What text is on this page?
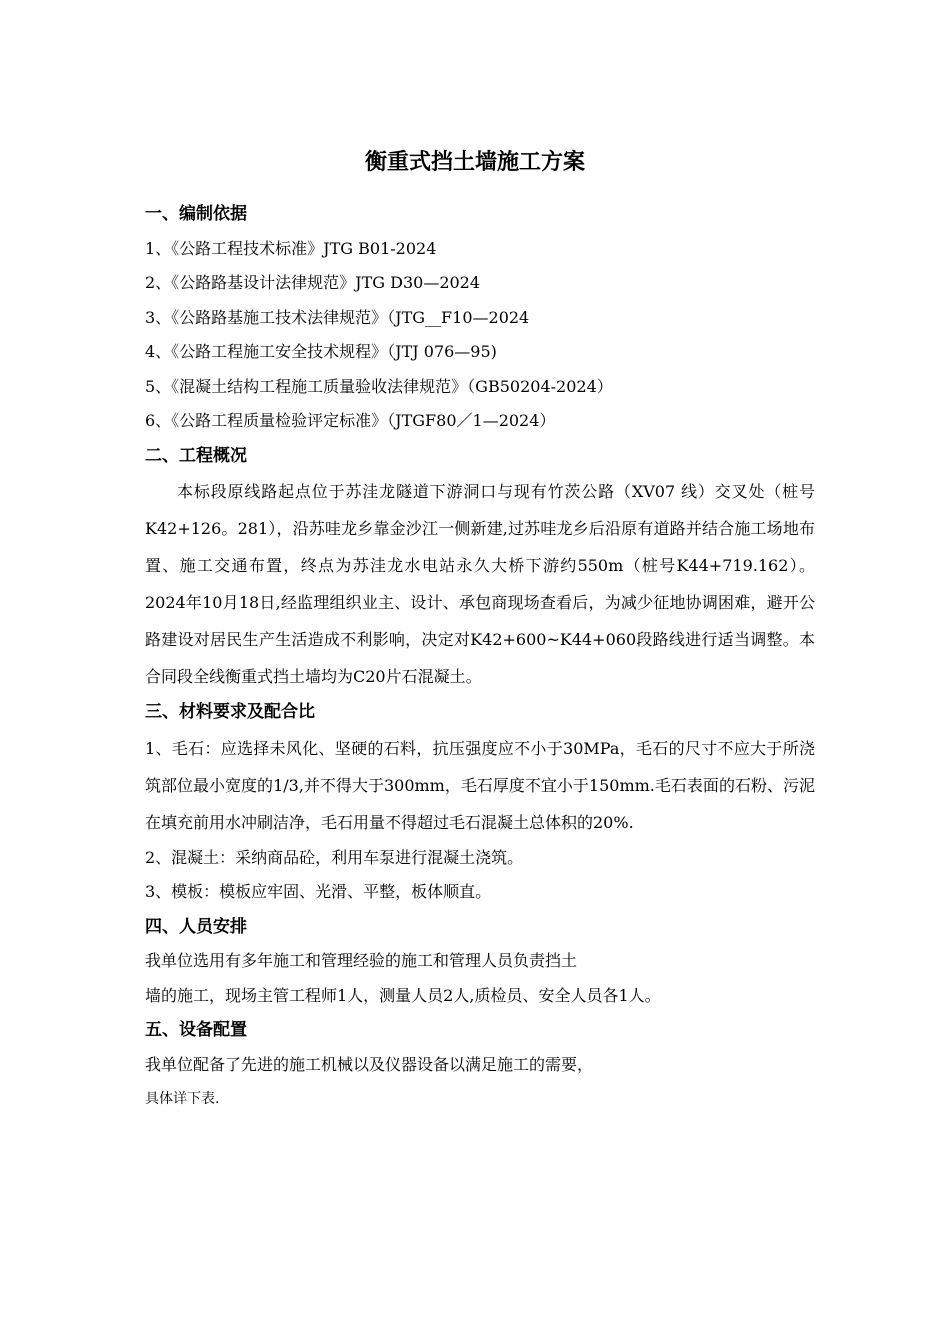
衡重式挡土墙施工方案
一、编制依据
1、《公路工程技术标准》JTG B01-2024
2、《公路路基设计法律规范》JTG D30—2024
3、《公路路基施工技术法律规范》（JTG__F10—2024
4、《公路工程施工安全技术规程》（JTJ 076—95)
5、《混凝土结构工程施工质量验收法律规范》（GB50204-2024）
6、《公路工程质量检验评定标准》（JTGF80／1—2024）
二、工程概况
本标段原线路起点位于苏洼龙隧道下游洞口与现有竹茨公路（XV07 线）交叉处（桩号K42+126。281），沿苏哇龙乡靠金沙江一侧新建,过苏哇龙乡后沿原有道路并结合施工场地布置、施工交通布置，终点为苏洼龙水电站永久大桥下游约550m（桩号K44+719.162）。2024年10月18日,经监理组织业主、设计、承包商现场查看后，为减少征地协调困难，避开公路建设对居民生产生活造成不利影响，决定对K42+600~K44+060段路线进行适当调整。本合同段全线衡重式挡土墙均为C20片石混凝土。
三、材料要求及配合比
1、毛石：应选择未风化、坚硬的石料，抗压强度应不小于30MPa，毛石的尺寸不应大于所浇筑部位最小宽度的1/3,并不得大于300mm，毛石厚度不宜小于150mm.毛石表面的石粉、污泥在填充前用水冲刷洁净，毛石用量不得超过毛石混凝土总体积的20%.
2、混凝土：采纳商品砼，利用车泵进行混凝土浇筑。
3、模板：模板应牢固、光滑、平整，板体顺直。
四、人员安排
我单位选用有多年施工和管理经验的施工和管理人员负责挡土
墙的施工，现场主管工程师1人，测量人员2人,质检员、安全人员各1人。
五、设备配置
我单位配备了先进的施工机械以及仪器设备以满足施工的需要，
具体详下表.
